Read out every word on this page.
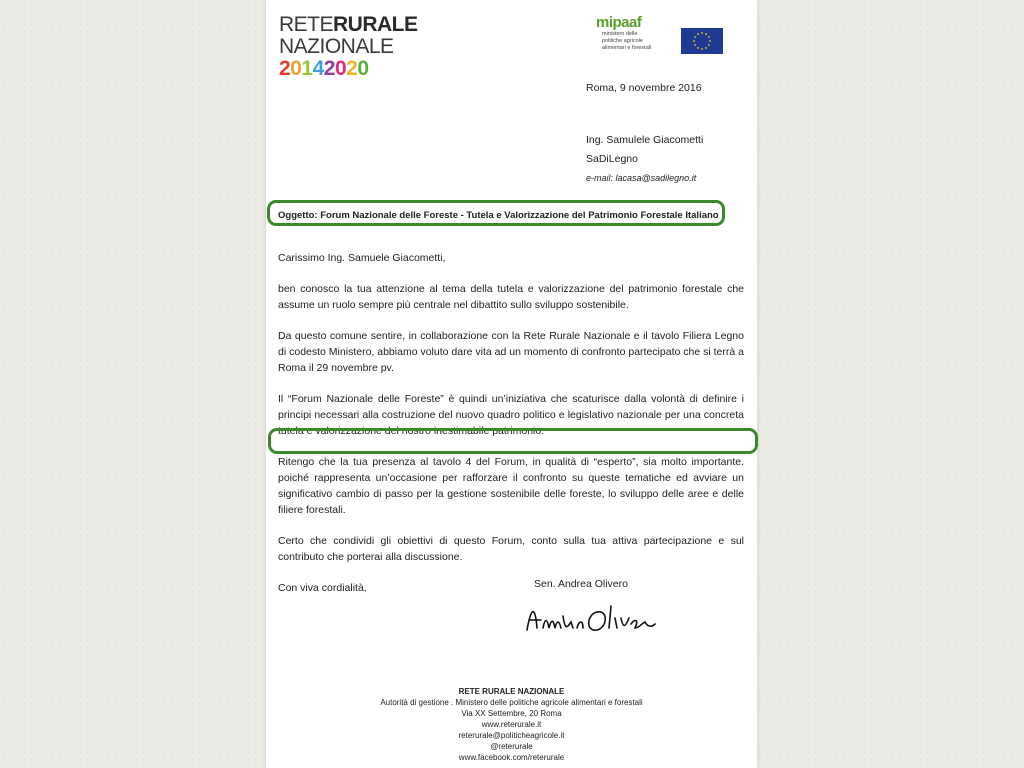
RETERURALE
NAZIONALE
20142020
mipaaf
ministero delle
politiche agricole
alimentari e forestali
Roma, 9 novembre 2016
Ing. Samulele Giacometti
SaDiLegno
e-mail: lacasa@sadilegno.it
Oggetto: Forum Nazionale delle Foreste - Tutela e Valorizzazione del Patrimonio Forestale Italiano

Carissimo Ing. Samuele Giacometti,

ben conosco la tua attenzione al tema della tutela e valorizzazione del patrimonio forestale che assume un ruolo sempre più centrale nel dibattito sullo sviluppo sostenibile.

Da questo comune sentire, in collaborazione con la Rete Rurale Nazionale e il tavolo Filiera Legno di codesto Ministero, abbiamo voluto dare vita ad un momento di confronto partecipato che si terrà a Roma il 29 novembre pv.

Il “Forum Nazionale delle Foreste” è quindi un’iniziativa che scaturisce dalla volontà di definire i principi necessari alla costruzione del nuovo quadro politico e legislativo nazionale per una concreta tutela e valorizzazione del nostro inestimabile patrimonio.

Ritengo che la tua presenza al tavolo 4 del Forum, in qualità di “esperto”, sia molto importante. poiché rappresenta un’occasione per rafforzare il confronto su queste tematiche ed avviare un significativo cambio di passo per la gestione sostenibile delle foreste, lo sviluppo delle aree e delle filiere forestali.

Certo che condividi gli obiettivi di questo Forum, conto sulla tua attiva partecipazione e sul contributo che porterai alla discussione.

Con viva cordialità,	Sen. Andrea Olivero
RETE RURALE NAZIONALE
Autorità di gestione . Ministero delle politiche agricole alimentari e forestali
Via XX Settembre, 20 Roma
www.reterurale.it
reterurale@politicheagricole.it
@reterurale
www.facebook.com/reterurale
